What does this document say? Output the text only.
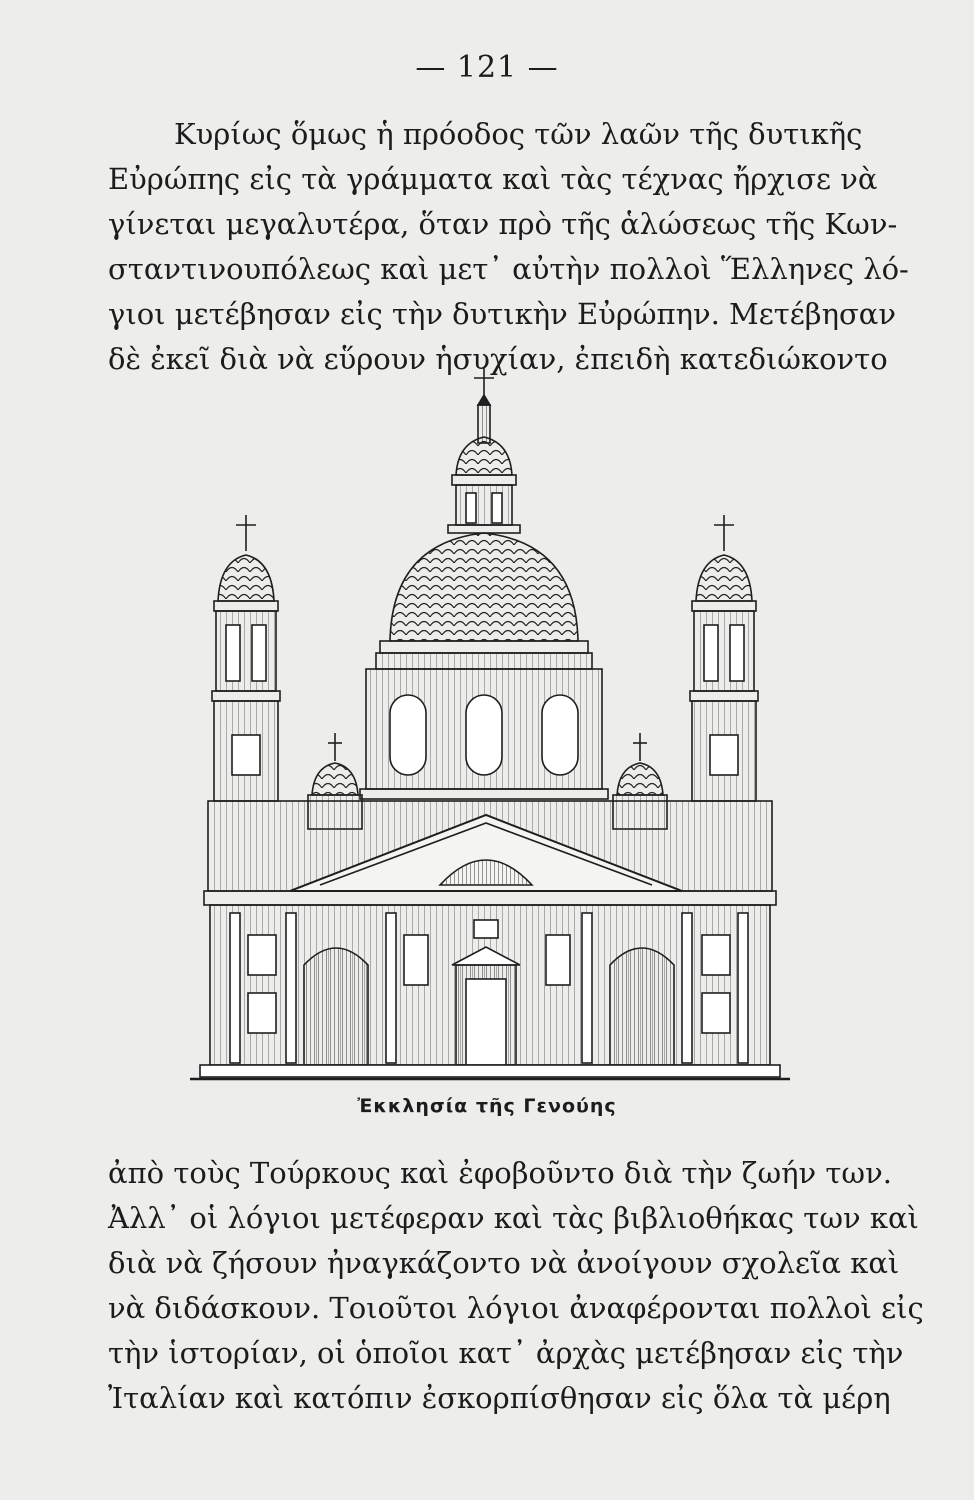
— 121 —
Κυρίως ὅμως ἡ πρόοδος τῶν λαῶν τῆς δυτικῆς
Εὐρώπης εἰς τὰ γράμματα καὶ τὰς τέχνας ἤρχισε νὰ
γίνεται μεγαλυτέρα, ὅταν πρὸ τῆς ἁλώσεως τῆς Κων-
σταντινουπόλεως καὶ μετ᾽ αὐτὴν πολλοὶ Ἕλληνες λό-
γιοι μετέβησαν εἰς τὴν δυτικὴν Εὐρώπην. Μετέβησαν
δὲ ἐκεῖ διὰ νὰ εὕρουν ἡσυχίαν, ἐπειδὴ κατεδιώκοντο
Ἐκκλησία τῆς Γενούης
ἀπὸ τοὺς Τούρκους καὶ ἐφοβοῦντο διὰ τὴν ζωήν των.
Ἀλλ᾽ οἱ λόγιοι μετέφεραν καὶ τὰς βιβλιοθήκας των καὶ
διὰ νὰ ζήσουν ἠναγκάζοντο νὰ ἀνοίγουν σχολεῖα καὶ
νὰ διδάσκουν. Τοιοῦτοι λόγιοι ἀναφέρονται πολλοὶ εἰς
τὴν ἱστορίαν, οἱ ὁποῖοι κατ᾽ ἀρχὰς μετέβησαν εἰς τὴν
Ἰταλίαν καὶ κατόπιν ἐσκορπίσθησαν εἰς ὅλα τὰ μέρη
